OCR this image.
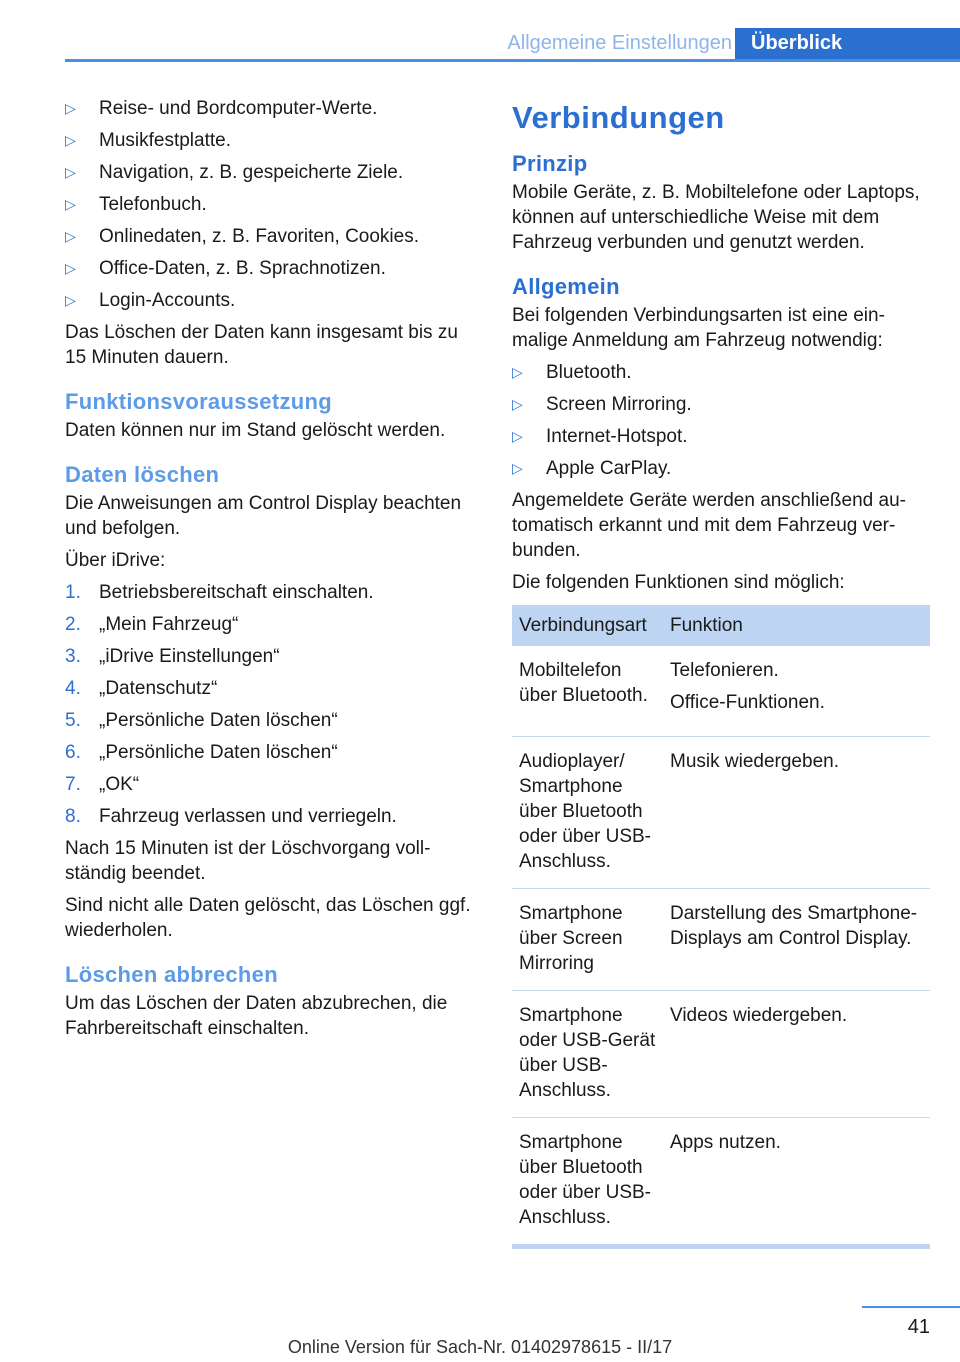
Allgemeine Einstellungen Überblick
▷	Reise- und Bordcomputer-Werte.
▷	Musikfestplatte.
▷	Navigation, z. B. gespeicherte Ziele.
▷	Telefonbuch.
▷	Onlinedaten, z. B. Favoriten, Cookies.
▷	Office-Daten, z. B. Sprachnotizen.
▷	Login-Accounts.

Das Löschen der Daten kann insgesamt bis zu 15 Minuten dauern.

Funktionsvoraussetzung

Daten können nur im Stand gelöscht werden.

Daten löschen

Die Anweisungen am Control Display beachten und befolgen.

Über iDrive:

1. Betriebsbereitschaft einschalten.
2. „Mein Fahrzeug“
3. „iDrive Einstellungen“
4. „Datenschutz“
5. „Persönliche Daten löschen“
6. „Persönliche Daten löschen“
7. „OK“
8. Fahrzeug verlassen und verriegeln.

Nach 15 Minuten ist der Löschvorgang vollständig beendet.

Sind nicht alle Daten gelöscht, das Löschen ggf. wiederholen.

Löschen abbrechen

Um das Löschen der Daten abzubrechen, die Fahrbereitschaft einschalten.

Verbindungen
Prinzip

Mobile Geräte, z. B. Mobiltelefone oder Laptops, können auf unterschiedliche Weise mit dem Fahrzeug verbunden und genutzt werden.

Allgemein

Bei folgenden Verbindungsarten ist eine einmalige Anmeldung am Fahrzeug notwendig:

▷	Bluetooth.
▷	Screen Mirroring.
▷	Internet-Hotspot.
▷	Apple CarPlay.

Angemeldete Geräte werden anschließend automatisch erkannt und mit dem Fahrzeug verbunden.

Die folgenden Funktionen sind möglich:

Verbindungsart	Funktion
Mobiltelefon über Bluetooth.	Telefonieren.
Office-Funktionen.

Audioplayer/ Smartphone über Bluetooth oder über USB-Anschluss.	Musik wiedergeben.

Smartphone über Screen Mirroring	Darstellung des Smartphone-Displays am Control Display.

Smartphone oder USB-Gerät über USB-Anschluss.	Videos wiedergeben.

Smartphone über Bluetooth oder über USB-Anschluss.	Apps nutzen.
41
Online Version für Sach-Nr. 01402978615 - II/17
